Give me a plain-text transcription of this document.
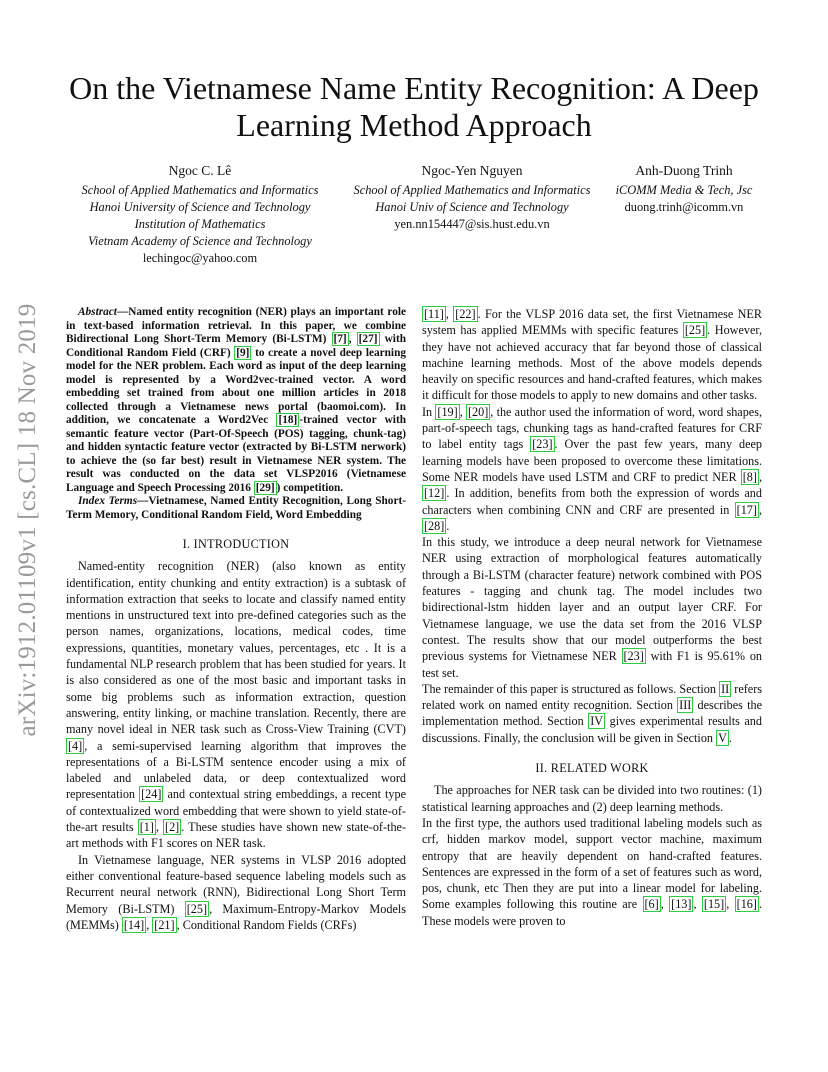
arXiv:1912.01109v1 [cs.CL] 18 Nov 2019
On the Vietnamese Name Entity Recognition: A Deep Learning Method Approach
Ngoc C. Lê
School of Applied Mathematics and Informatics
Hanoi University of Science and Technology
Institution of Mathematics
Vietnam Academy of Science and Technology
lechingoc@yahoo.com
Ngoc-Yen Nguyen
School of Applied Mathematics and Informatics
Hanoi Univ of Science and Technology
yen.nn154447@sis.hust.edu.vn
Anh-Duong Trinh
iCOMM Media & Tech, Jsc
duong.trinh@icomm.vn

Abstract—Named entity recognition (NER) plays an important role in text-based information retrieval. In this paper, we combine Bidirectional Long Short-Term Memory (Bi-LSTM) [7] , [27] with Conditional Random Field (CRF) [9] to create a novel deep learning model for the NER problem. Each word as input of the deep learning model is represented by a Word2vec-trained vector. A word embedding set trained from about one million articles in 2018 collected through a Vietnamese news portal (baomoi.com). In addition, we concatenate a Word2Vec [18] -trained vector with semantic feature vector (Part-Of-Speech (POS) tagging, chunk-tag) and hidden syntactic feature vector (extracted by Bi-LSTM nerwork) to achieve the (so far best) result in Vietnamese NER system. The result was conducted on the data set VLSP2016 (Vietnamese Language and Speech Processing 2016 [29] ) competition.

Index Terms—Vietnamese, Named Entity Recognition, Long Short-Term Memory, Conditional Random Field, Word Embedding

I. INTRODUCTION

Named-entity recognition (NER) (also known as entity identification, entity chunking and entity extraction) is a subtask of information extraction that seeks to locate and classify named entity mentions in unstructured text into pre-defined categories such as the person names, organizations, locations, medical codes, time expressions, quantities, monetary values, percentages, etc . It is a fundamental NLP research problem that has been studied for years. It is also considered as one of the most basic and important tasks in some big problems such as information extraction, question answering, entity linking, or machine translation. Recently, there are many novel ideal in NER task such as Cross-View Training (CVT) [4] , a semi-supervised learning algorithm that improves the representations of a Bi-LSTM sentence encoder using a mix of labeled and unlabeled data, or deep contextualized word representation [24] and contextual string embeddings, a recent type of contextualized word embedding that were shown to yield state-of-the-art results [1] , [2] . These studies have shown new state-of-the-art methods with F1 scores on NER task.

In Vietnamese language, NER systems in VLSP 2016 adopted either conventional feature-based sequence labeling models such as Recurrent neural network (RNN), Bidirectional Long Short Term Memory (Bi-LSTM) [25] , Maximum-Entropy-Markov Models (MEMMs) [14] , [21] , Conditional Random Fields (CRFs)

[11] , [22] . For the VLSP 2016 data set, the first Vietnamese NER system has applied MEMMs with specific features [25] . However, they have not achieved accuracy that far beyond those of classical machine learning methods. Most of the above models depends heavily on specific resources and hand-crafted features, which makes it difficult for those models to apply to new domains and other tasks.

In [19] , [20] , the author used the information of word, word shapes, part-of-speech tags, chunking tags as hand-crafted features for CRF to label entity tags [23] . Over the past few years, many deep learning models have been proposed to overcome these limitations. Some NER models have used LSTM and CRF to predict NER [8] , [12] . In addition, benefits from both the expression of words and characters when combining CNN and CRF are presented in [17] , [28] .

In this study, we introduce a deep neural network for Vietnamese NER using extraction of morphological features automatically through a Bi-LSTM (character feature) network combined with POS features - tagging and chunk tag. The model includes two bidirectional-lstm hidden layer and an output layer CRF. For Vietnamese language, we use the data set from the 2016 VLSP contest. The results show that our model outperforms the best previous systems for Vietnamese NER [23] with F1 is 95.61% on test set.

The remainder of this paper is structured as follows. Section II refers related work on named entity recognition. Section III describes the implementation method. Section IV gives experimental results and discussions. Finally, the conclusion will be given in Section V .

II. RELATED WORK

The approaches for NER task can be divided into two routines: (1) statistical learning approaches and (2) deep learning methods.

In the first type, the authors used traditional labeling models such as crf, hidden markov model, support vector machine, maximum entropy that are heavily dependent on hand-crafted features. Sentences are expressed in the form of a set of features such as word, pos, chunk, etc Then they are put into a linear model for labeling. Some examples following this routine are [6] , [13] , [15] , [16] . These models were proven to
